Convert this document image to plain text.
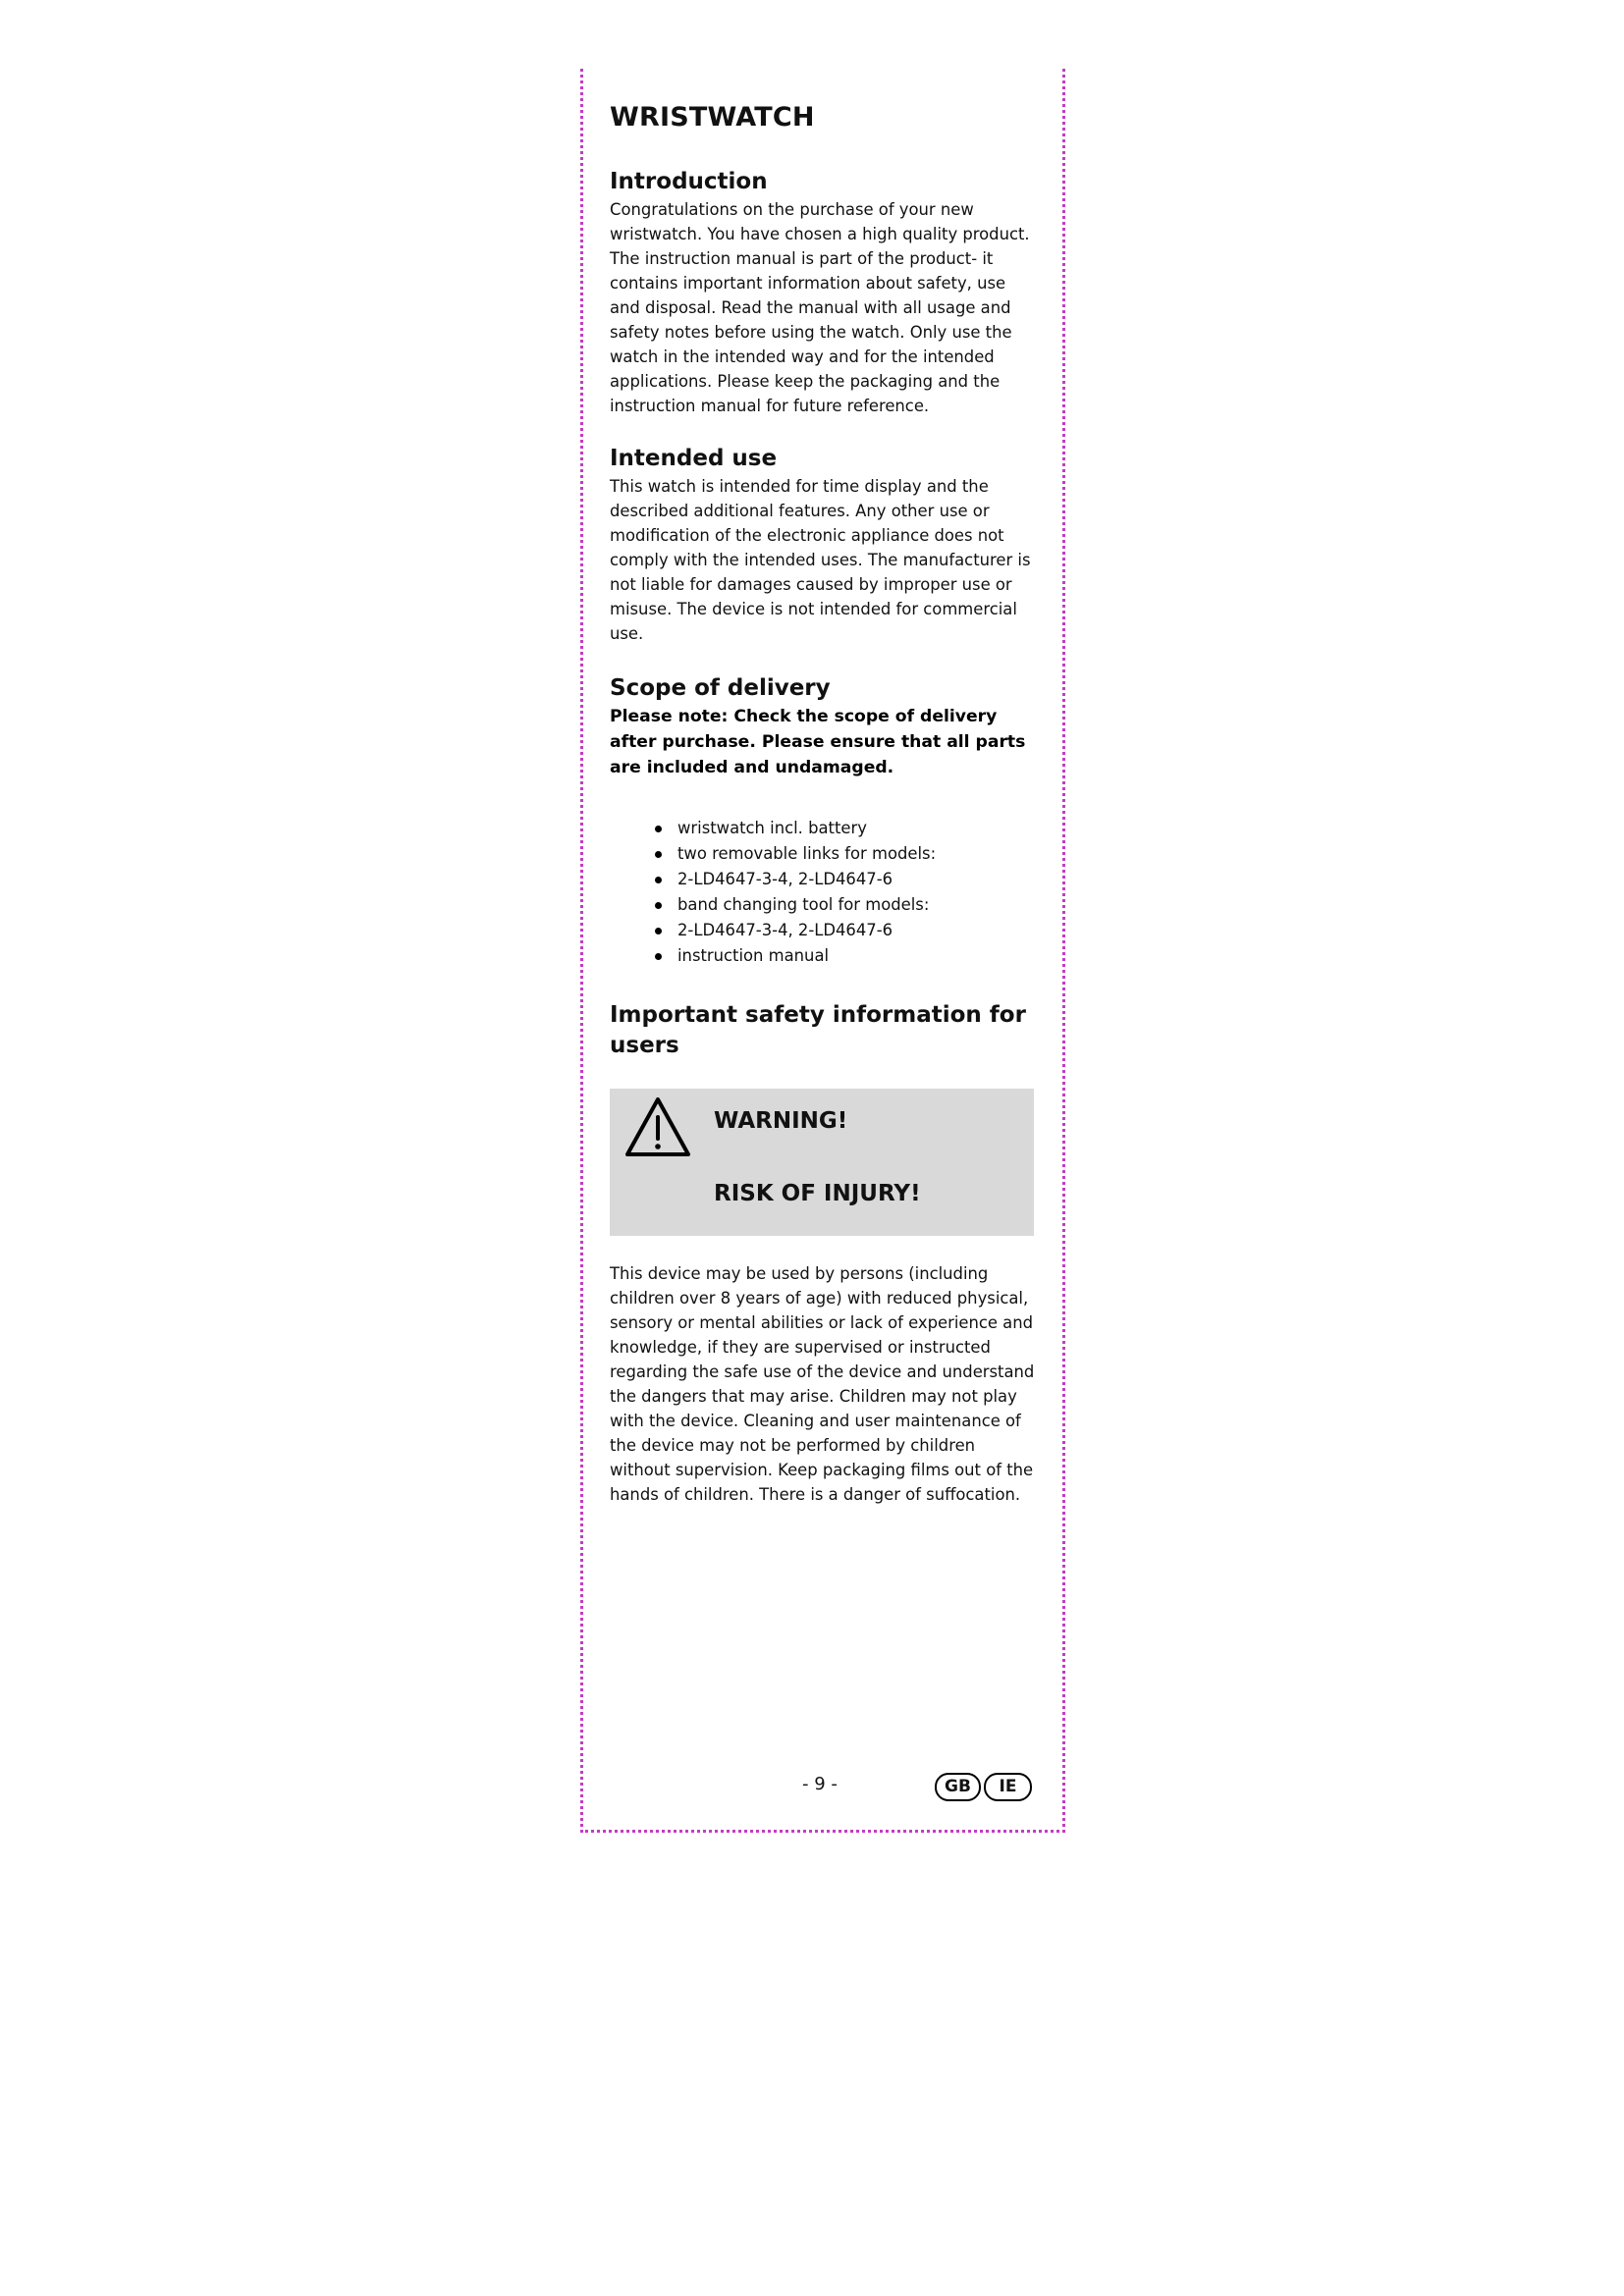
WRISTWATCH
Introduction

Congratulations on the purchase of your new wristwatch. You have chosen a high quality product. The instruction manual is part of the product- it contains important information about safety, use and disposal. Read the manual with all usage and safety notes before using the watch. Only use the watch in the intended way and for the intended applications. Please keep the packaging and the instruction manual for future reference.

Intended use

This watch is intended for time display and the described additional features. Any other use or modification of the electronic appliance does not comply with the intended uses. The manufacturer is not liable for damages caused by improper use or misuse. The device is not intended for commercial use.

Scope of delivery

Please note: Check the scope of delivery after purchase. Please ensure that all parts are included and undamaged.

wristwatch incl. battery
two removable links for models:
2-LD4647-3-4, 2-LD4647-6
band changing tool for models:
2-LD4647-3-4, 2-LD4647-6
instruction manual
Important safety information for users
WARNING!
RISK OF INJURY!

This device may be used by persons (including children over 8 years of age) with reduced physical, sensory or mental abilities or lack of experience and knowledge, if they are supervised or instructed regarding the safe use of the device and understand the dangers that may arise. Children may not play with the device. Cleaning and user maintenance of the device may not be performed by children without supervision. Keep packaging films out of the hands of children. There is a danger of suffocation.

- 9 -	GB	IE
